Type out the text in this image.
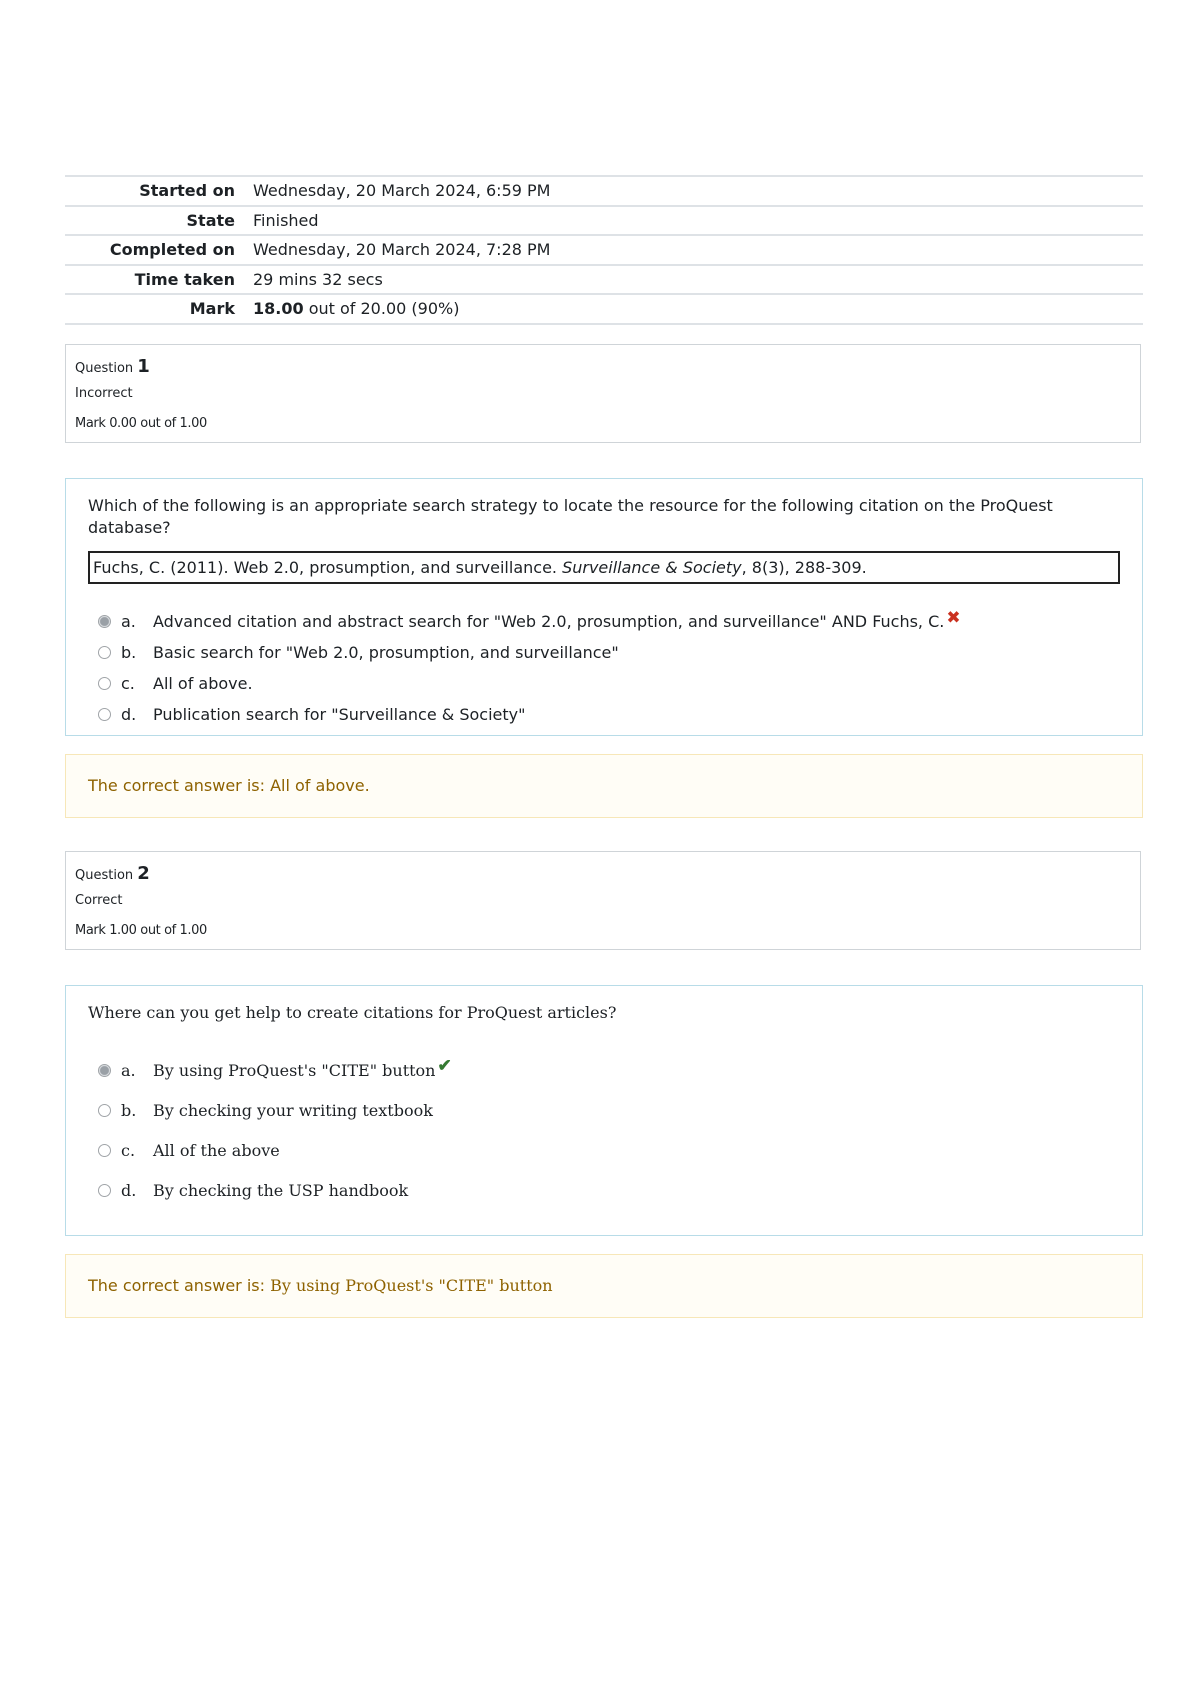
Started on	Wednesday, 20 March 2024, 6:59 PM
State	Finished
Completed on	Wednesday, 20 March 2024, 7:28 PM
Time taken	29 mins 32 secs
Mark	18.00 out of 20.00 (90%)
Question 1
Incorrect
Mark 0.00 out of 1.00
Which of the following is an appropriate search strategy to locate the resource for the following citation on the ProQuest database?
Fuchs, C. (2011). Web 2.0, prosumption, and surveillance. Surveillance & Society, 8(3), 288-309.
a.	Advanced citation and abstract search for "Web 2.0, prosumption, and surveillance" AND Fuchs, C. ✖
b.	Basic search for "Web 2.0, prosumption, and surveillance"
c.	All of above.
d.	Publication search for "Surveillance & Society"
The correct answer is: All of above.
Question 2
Correct
Mark 1.00 out of 1.00
Where can you get help to create citations for ProQuest articles?
a.	By using ProQuest's "CITE" button ✔
b.	By checking your writing textbook
c.	All of the above
d.	By checking the USP handbook
The correct answer is: By using ProQuest's "CITE" button
